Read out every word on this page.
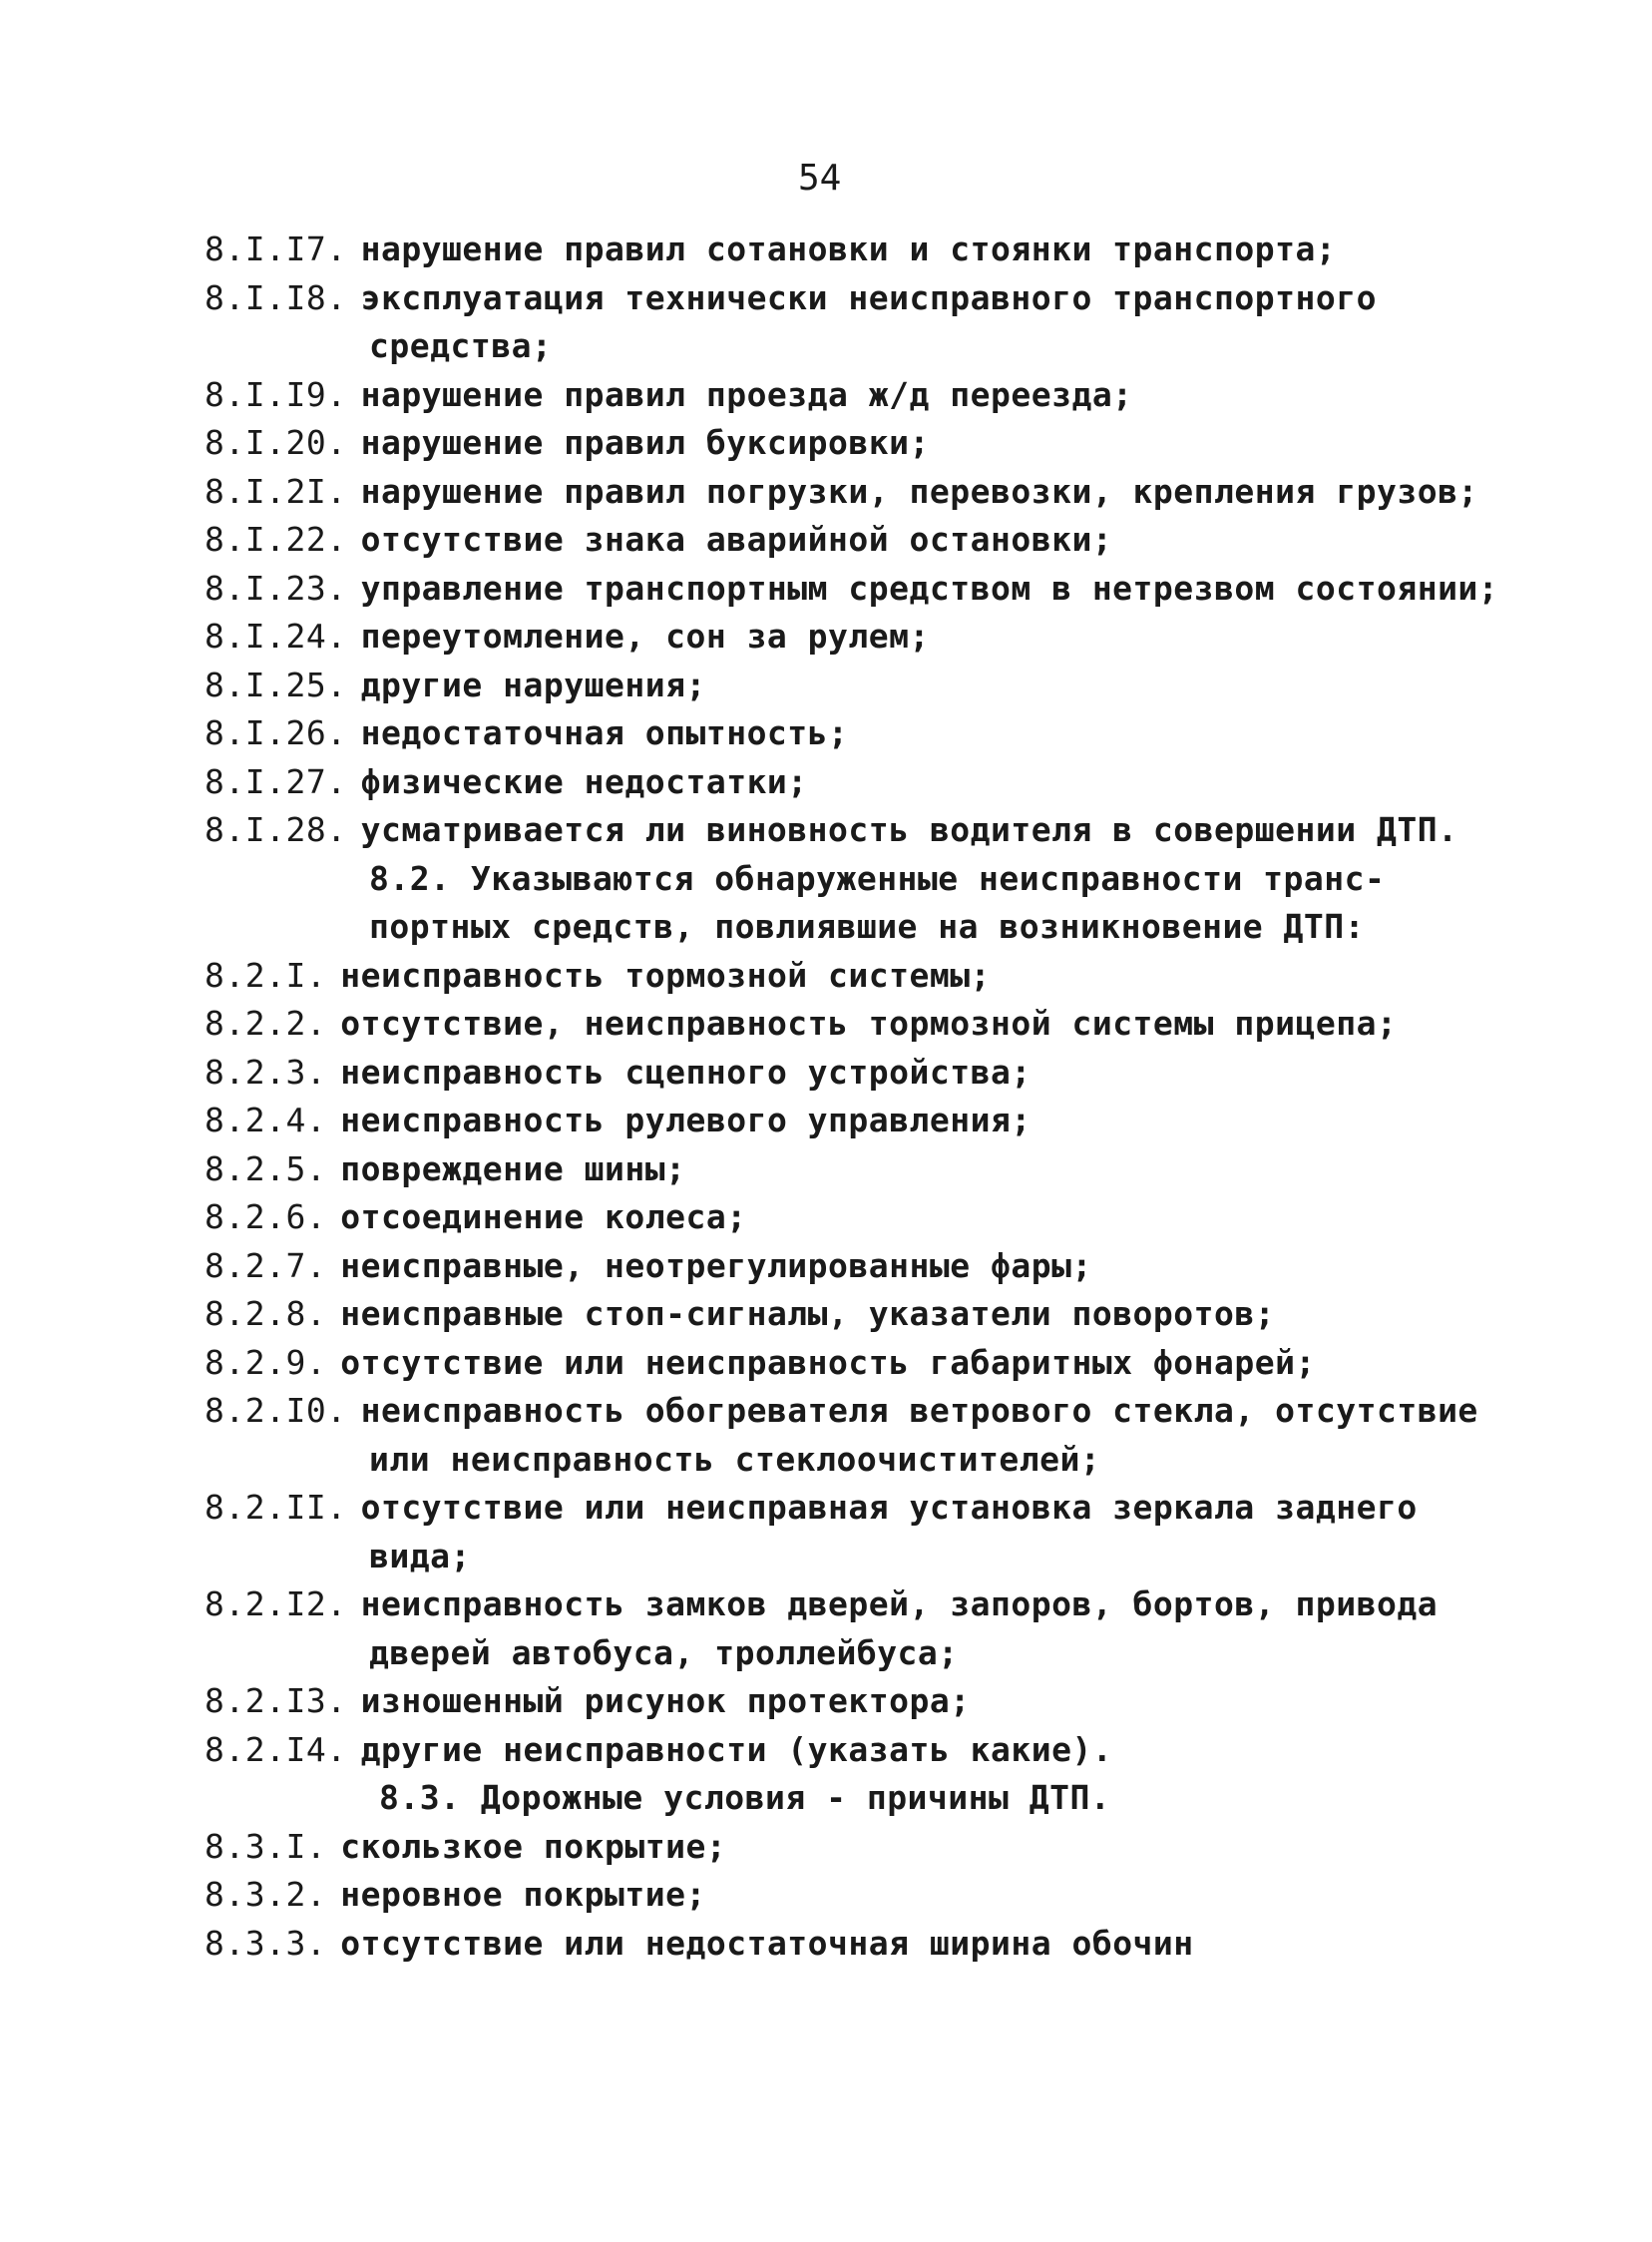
54
8.I.I7. нарушение правил сотановки и стоянки транспорта;
8.I.I8. эксплуатация технически неисправного транспортного
средства;
8.I.I9. нарушение правил проезда ж/д переезда;
8.I.20. нарушение правил буксировки;
8.I.2I. нарушение правил погрузки, перевозки, крепления грузов;
8.I.22. отсутствие знака аварийной остановки;
8.I.23. управление транспортным средством в нетрезвом состоянии;
8.I.24. переутомление, сон за рулем;
8.I.25. другие нарушения;
8.I.26. недостаточная опытность;
8.I.27. физические недостатки;
8.I.28. усматривается ли виновность водителя в совершении ДТП.
8.2. Указываются обнаруженные неисправности транс-
портных средств, повлиявшие на возникновение ДТП:
8.2.I. неисправность тормозной системы;
8.2.2. отсутствие, неисправность тормозной системы прицепа;
8.2.3. неисправность сцепного устройства;
8.2.4. неисправность рулевого управления;
8.2.5. повреждение шины;
8.2.6. отсоединение колеса;
8.2.7. неисправные, неотрегулированные фары;
8.2.8. неисправные стоп-сигналы, указатели поворотов;
8.2.9. отсутствие или неисправность габаритных фонарей;
8.2.I0. неисправность обогревателя ветрового стекла, отсутствие
или неисправность стеклоочистителей;
8.2.II. отсутствие или неисправная установка зеркала заднего
вида;
8.2.I2. неисправность замков дверей, запоров, бортов, привода
дверей автобуса, троллейбуса;
8.2.I3. изношенный рисунок протектора;
8.2.I4. другие неисправности (указать какие).
8.3. Дорожные условия - причины ДТП.
8.3.I. скользкое покрытие;
8.3.2. неровное покрытие;
8.3.3. отсутствие или недостаточная ширина обочин
